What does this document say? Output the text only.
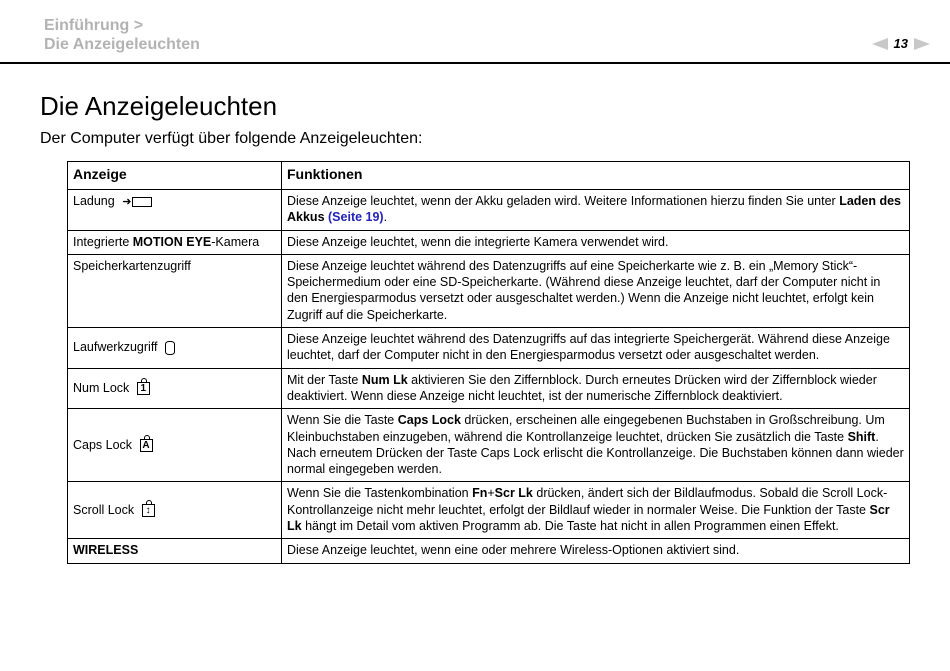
Einführung >
Die Anzeigeleuchten	13
Die Anzeigeleuchten

Der Computer verfügt über folgende Anzeigeleuchten:

Anzeige	Funktionen
Ladung ➜	Diese Anzeige leuchtet, wenn der Akku geladen wird. Weitere Informationen hierzu finden Sie unter Laden des Akkus (Seite 19).
Integrierte MOTION EYE-Kamera	Diese Anzeige leuchtet, wenn die integrierte Kamera verwendet wird.
Speicherkartenzugriff	Diese Anzeige leuchtet während des Datenzugriffs auf eine Speicherkarte wie z. B. ein „Memory Stick“-Speichermedium oder eine SD-Speicherkarte. (Während diese Anzeige leuchtet, darf der Computer nicht in den Energiesparmodus versetzt oder ausgeschaltet werden.) Wenn die Anzeige nicht leuchtet, erfolgt kein Zugriff auf die Speicherkarte.
Laufwerkzugriff	Diese Anzeige leuchtet während des Datenzugriffs auf das integrierte Speichergerät. Während diese Anzeige leuchtet, darf der Computer nicht in den Energiesparmodus versetzt oder ausgeschaltet werden.
Num Lock 1	Mit der Taste Num Lk aktivieren Sie den Ziffernblock. Durch erneutes Drücken wird der Ziffernblock wieder deaktiviert. Wenn diese Anzeige nicht leuchtet, ist der numerische Ziffernblock deaktiviert.
Caps Lock A	Wenn Sie die Taste Caps Lock drücken, erscheinen alle eingegebenen Buchstaben in Großschreibung. Um Kleinbuchstaben einzugeben, während die Kontrollanzeige leuchtet, drücken Sie zusätzlich die Taste Shift. Nach erneutem Drücken der Taste Caps Lock erlischt die Kontrollanzeige. Die Buchstaben können dann wieder normal eingegeben werden.
Scroll Lock ↕	Wenn Sie die Tastenkombination Fn+Scr Lk drücken, ändert sich der Bildlaufmodus. Sobald die Scroll Lock-Kontrollanzeige nicht mehr leuchtet, erfolgt der Bildlauf wieder in normaler Weise. Die Funktion der Taste Scr Lk hängt im Detail vom aktiven Programm ab. Die Taste hat nicht in allen Programmen einen Effekt.
WIRELESS	Diese Anzeige leuchtet, wenn eine oder mehrere Wireless-Optionen aktiviert sind.
